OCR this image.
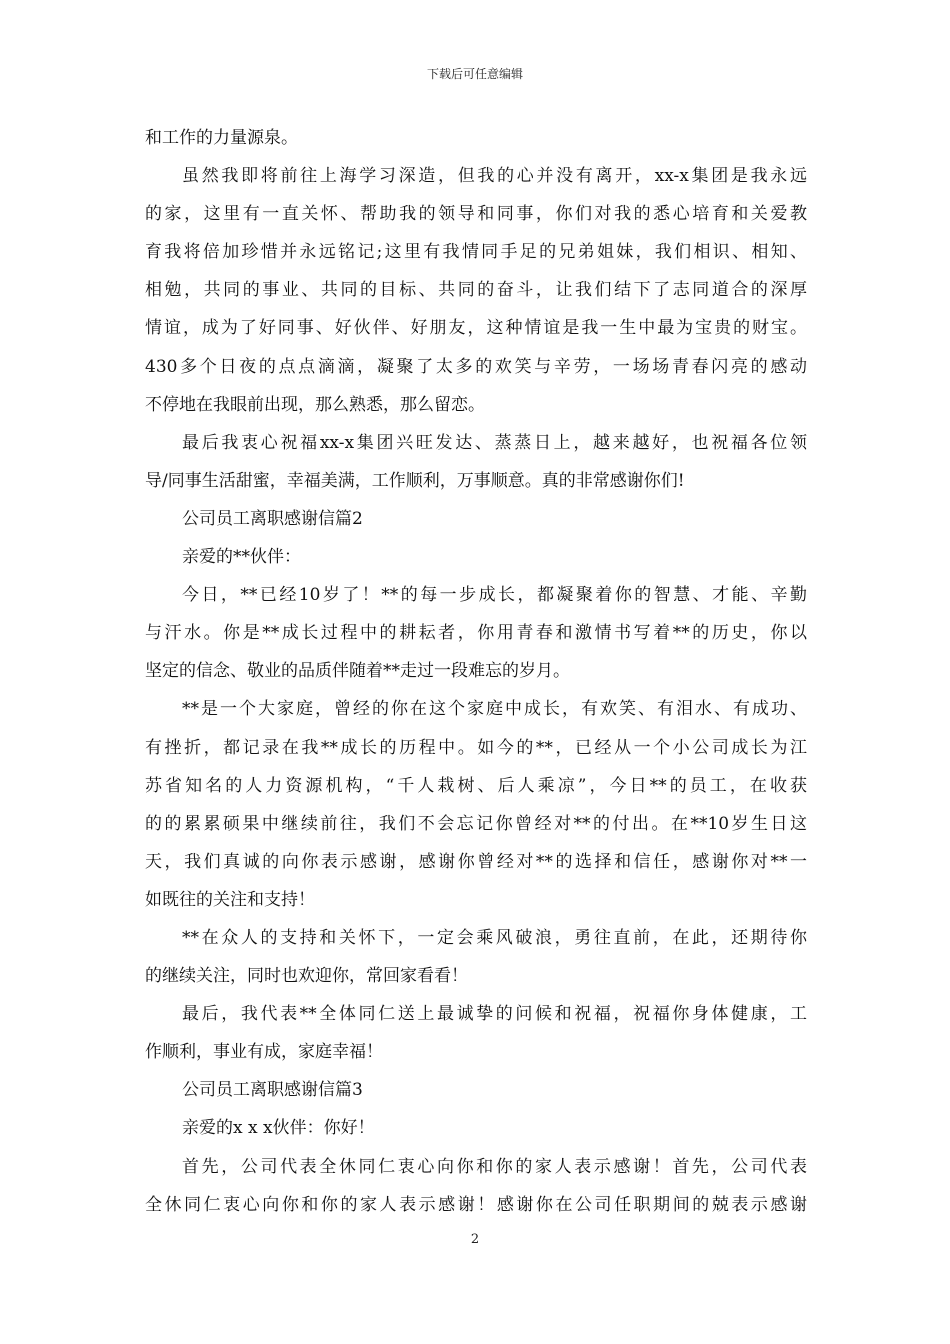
下载后可任意编辑
和工作的力量源泉。
虽然我即将前往上海学习深造，但我的心并没有离开，xx-x集团是我永远
的家，这里有一直关怀、帮助我的领导和同事，你们对我的悉心培育和关爱教
育我将倍加珍惜并永远铭记;这里有我情同手足的兄弟姐妹，我们相识、相知、
相勉，共同的事业、共同的目标、共同的奋斗，让我们结下了志同道合的深厚
情谊，成为了好同事、好伙伴、好朋友，这种情谊是我一生中最为宝贵的财宝。
430多个日夜的点点滴滴，凝聚了太多的欢笑与辛劳，一场场青春闪亮的感动
不停地在我眼前出现，那么熟悉，那么留恋。
最后我衷心祝福xx-x集团兴旺发达、蒸蒸日上，越来越好，也祝福各位领
导/同事生活甜蜜，幸福美满，工作顺利，万事顺意。真的非常感谢你们!
公司员工离职感谢信篇2
亲爱的**伙伴：
今日，**已经10岁了！**的每一步成长，都凝聚着你的智慧、才能、辛勤
与汗水。你是**成长过程中的耕耘者，你用青春和激情书写着**的历史，你以
坚定的信念、敬业的品质伴随着**走过一段难忘的岁月。
**是一个大家庭，曾经的你在这个家庭中成长，有欢笑、有泪水、有成功、
有挫折，都记录在我**成长的历程中。如今的**，已经从一个小公司成长为江
苏省知名的人力资源机构，“千人栽树、后人乘凉”，今日**的员工，在收获
的的累累硕果中继续前往，我们不会忘记你曾经对**的付出。在**10岁生日这
天，我们真诚的向你表示感谢，感谢你曾经对**的选择和信任，感谢你对**一
如既往的关注和支持！
**在众人的支持和关怀下，一定会乘风破浪，勇往直前，在此，还期待你
的继续关注，同时也欢迎你，常回家看看！
最后，我代表**全体同仁送上最诚挚的问候和祝福，祝福你身体健康，工
作顺利，事业有成，家庭幸福！
公司员工离职感谢信篇3
亲爱的x x x伙伴：你好！
首先，公司代表全休同仁衷心向你和你的家人表示感谢！首先，公司代表
全休同仁衷心向你和你的家人表示感谢！感谢你在公司任职期间的兢表示感谢
2
